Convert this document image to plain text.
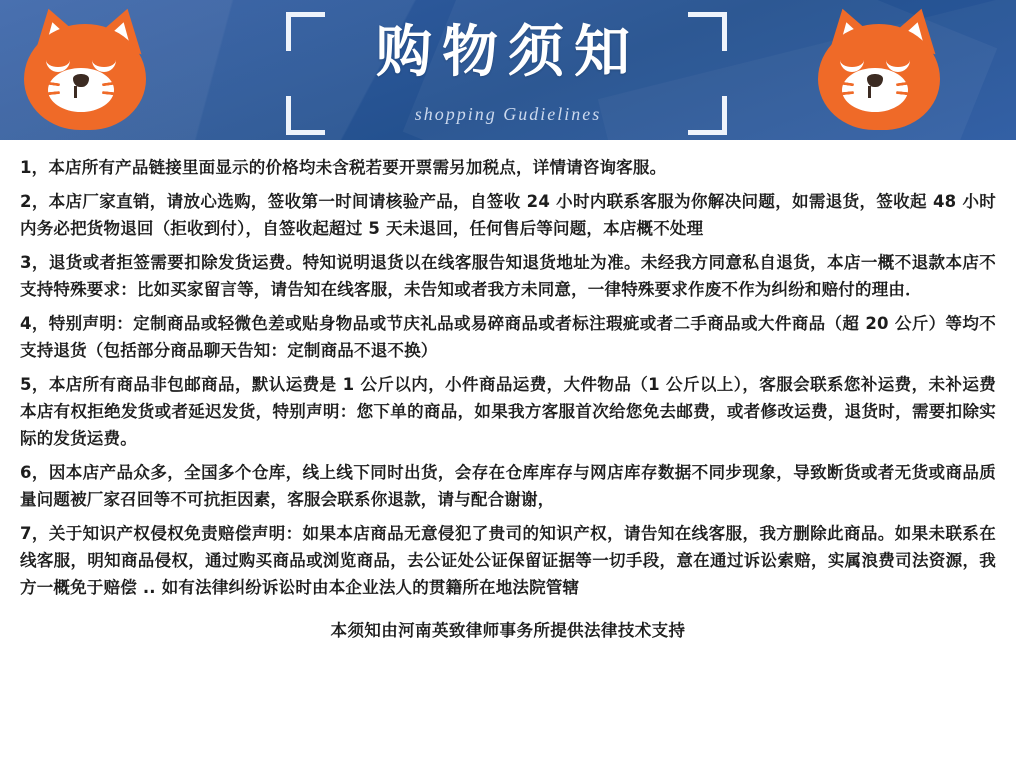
购物须知
shopping Gudielines

1，本店所有产品链接里面显示的价格均未含税若要开票需另加税点，详情请咨询客服。

2，本店厂家直销，请放心选购，签收第一时间请核验产品，自签收 24 小时内联系客服为你解决问题，如需退货，签收起 48 小时内务必把货物退回（拒收到付），自签收起超过 5 天未退回，任何售后等问题，本店概不处理

3，退货或者拒签需要扣除发货运费。特知说明退货以在线客服告知退货地址为准。未经我方同意私自退货，本店一概不退款本店不支持特殊要求：比如买家留言等，请告知在线客服，未告知或者我方未同意，一律特殊要求作废不作为纠纷和赔付的理由．

4，特别声明：定制商品或轻微色差或贴身物品或节庆礼品或易碎商品或者标注瑕疵或者二手商品或大件商品（超 20 公斤）等均不支持退货（包括部分商品聊天告知：定制商品不退不换）

5，本店所有商品非包邮商品，默认运费是 1 公斤以内，小件商品运费，大件物品（1 公斤以上），客服会联系您补运费，未补运费本店有权拒绝发货或者延迟发货，特别声明：您下单的商品，如果我方客服首次给您免去邮费，或者修改运费，退货时，需要扣除实际的发货运费。

6，因本店产品众多，全国多个仓库，线上线下同时出货，会存在仓库库存与网店库存数据不同步现象，导致断货或者无货或商品质量问题被厂家召回等不可抗拒因素，客服会联系你退款，请与配合谢谢，

7，关于知识产权侵权免责赔偿声明：如果本店商品无意侵犯了贵司的知识产权，请告知在线客服，我方删除此商品。如果未联系在线客服，明知商品侵权，通过购买商品或浏览商品，去公证处公证保留证据等一切手段，意在通过诉讼索赔，实属浪费司法资源，我方一概免于赔偿 .. 如有法律纠纷诉讼时由本企业法人的贯籍所在地法院管辖

本须知由河南英致律师事务所提供法律技术支持
